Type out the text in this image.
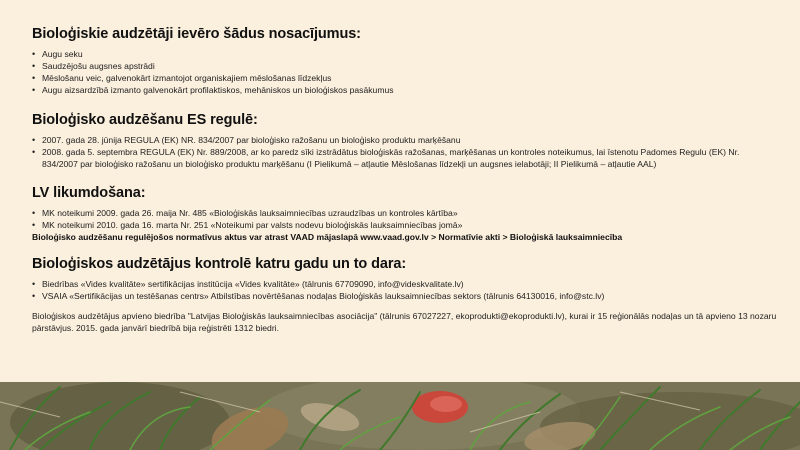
Bioloģiskie audzētāji ievēro šādus nosacījumus:
• Augu seku
• Saudzējošu augsnes apstrādi
• Mēslošanu veic, galvenokārt izmantojot organiskajiem mēslošanas līdzekļus
• Augu aizsardzībā izmanto galvenokārt profilaktiskos, mehāniskos un bioloģiskos pasākumus
Bioloģisko audzēšanu ES regulē:
• 2007. gada 28. jūnija REGULA (EK) NR. 834/2007 par bioloģisko ražošanu un bioloģisko produktu marķēšanu
• 2008. gada 5. septembra REGULA (EK) Nr. 889/2008, ar ko paredz sīki izstrādātus bioloģiskās ražošanas, marķēšanas un kontroles noteikumus, lai īstenotu Padomes Regulu (EK) Nr. 834/2007 par bioloģisko ražošanu un bioloģisko produktu marķēšanu (I Pielikumā – atļautie Mēslošanas līdzekļi un augsnes ielabotāji; II Pielikumā – atļautie AAL)
LV likumdošana:
• MK noteikumi 2009. gada 26. maija Nr. 485 «Bioloģiskās lauksaimniecības uzraudzības un kontroles kārtība»
• MK noteikumi 2010. gada 16. marta Nr. 251 «Noteikumi par valsts nodevu bioloģiskās lauksaimniecības jomā»
Bioloģisko audzēšanu regulējošos normatīvus aktus var atrast VAAD mājaslapā www.vaad.gov.lv > Normatīvie akti > Bioloģiskā lauksaimniecība
Bioloģiskos audzētājus kontrolē katru gadu un to dara:
• Biedrības «Vides kvalitāte» sertifikācijas institūcija «Vides kvalitāte» (tālrunis 67709090, info@videskvalitate.lv)
• VSAIA «Sertifikācijas un testēšanas centrs» Atbilstības novērtēšanas nodaļas Bioloģiskās lauksaimniecības sektors (tālrunis 64130016, info@stc.lv)
Bioloģiskos audzētājus apvieno biedrība "Latvijas Bioloģiskās lauksaimniecības asociācija" (tālrunis 67027227, ekoprodukti@ekoprodukti.lv), kurai ir 15 reģionālās nodaļas un tā apvieno 13 nozaru pārstāvjus. 2015. gada janvārī biedrībā bija reģistrēti 1312 biedri.
